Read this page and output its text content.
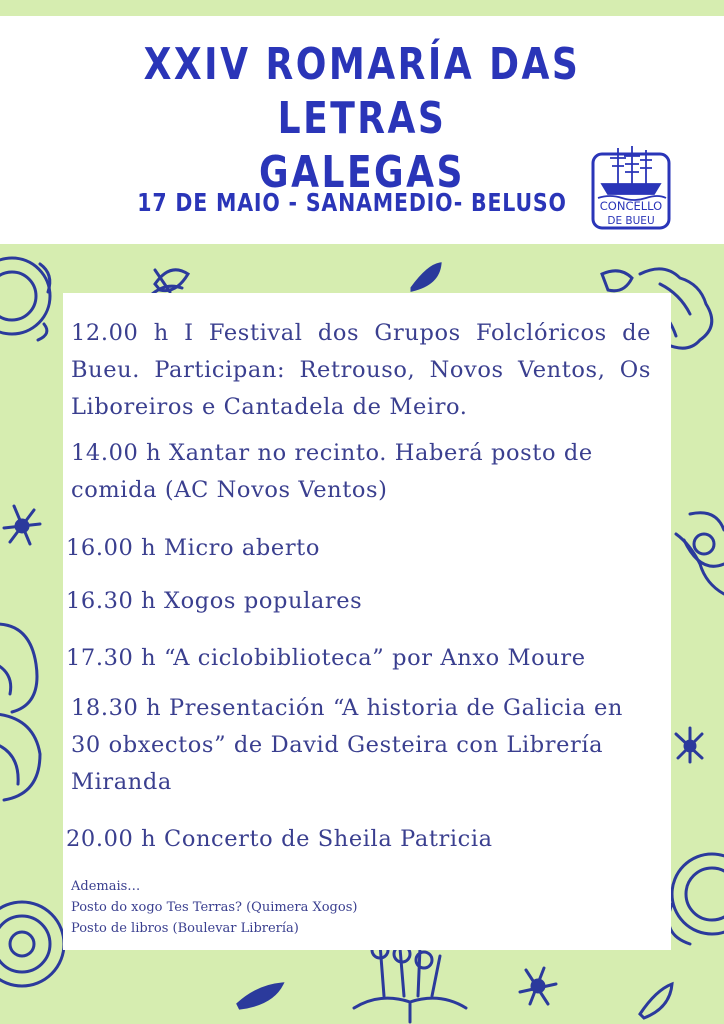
XXIV ROMARÍA DAS LETRAS
GALEGAS
17 DE MAIO - SANAMEDIO- BELUSO	CONCELLO
DE BUEU
12.00 h I Festival dos Grupos Folclóricos de Bueu. Participan: Retrouso, Novos Ventos, Os Liboreiros e Cantadela de Meiro.
14.00 h Xantar no recinto. Haberá posto de comida (AC Novos Ventos)
16.00 h Micro aberto
16.30 h Xogos populares
17.30 h “A ciclobiblioteca” por Anxo Moure
18.30 h Presentación “A historia de Galicia en 30 obxectos” de David Gesteira con Librería Miranda
20.00 h Concerto de Sheila Patricia
Ademais…
Posto do xogo Tes Terras? (Quimera Xogos)
Posto de libros (Boulevar Librería)
